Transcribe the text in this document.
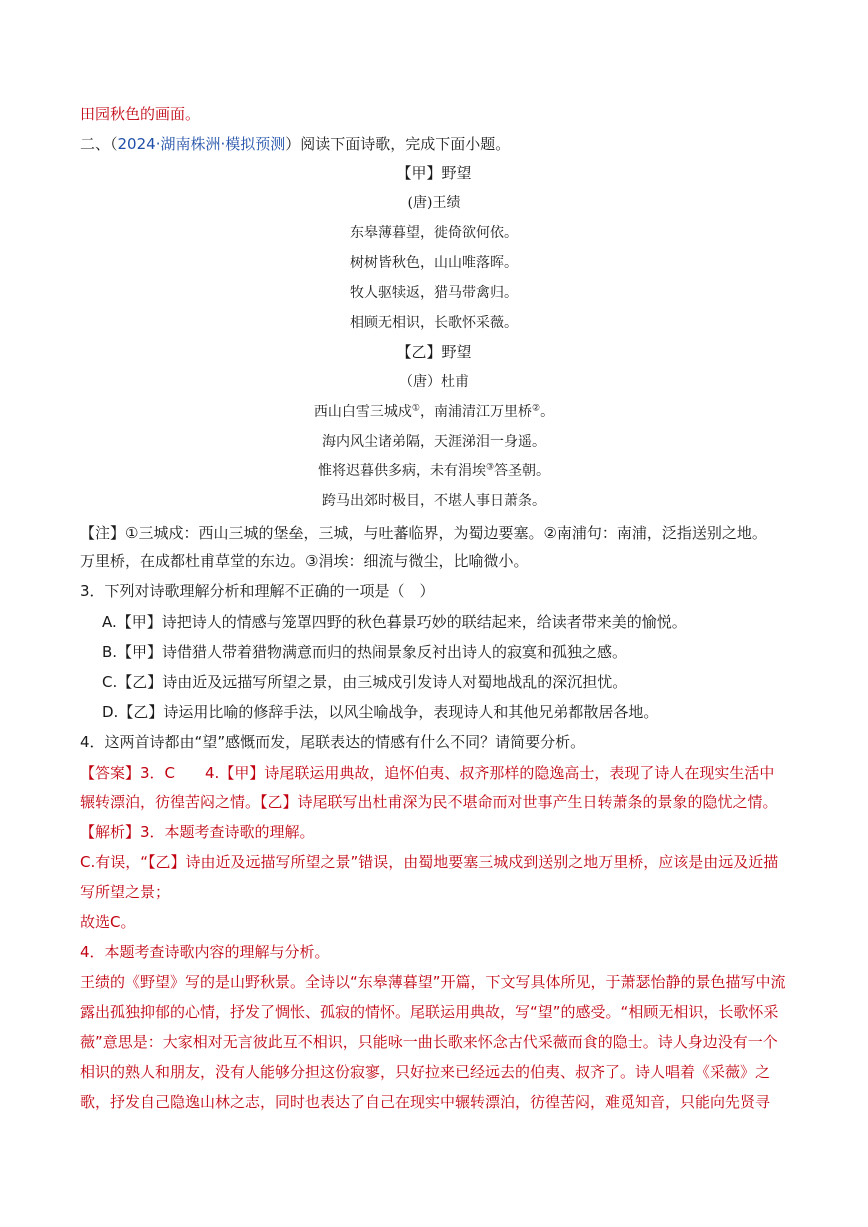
田园秋色的画面。
二、（2024·湖南株洲·模拟预测）阅读下面诗歌，完成下面小题。
【甲】野望
(唐)王绩
东皋薄暮望，徙倚欲何依。
树树皆秋色，山山唯落晖。
牧人驱犊返，猎马带禽归。
相顾无相识，长歌怀采薇。
【乙】野望
（唐）杜甫
西山白雪三城戍①，南浦清江万里桥②。
海内风尘诸弟隔，天涯涕泪一身遥。
惟将迟暮供多病，未有涓埃③答圣朝。
跨马出郊时极目，不堪人事日萧条。
【注】①三城戍：西山三城的堡垒，三城，与吐蕃临界，为蜀边要塞。②南浦句：南浦，泛指送别之地。
万里桥，在成都杜甫草堂的东边。③涓埃：细流与微尘，比喻微小。
3．下列对诗歌理解分析和理解不正确的一项是（　）
A.【甲】诗把诗人的情感与笼罩四野的秋色暮景巧妙的联结起来，给读者带来美的愉悦。
B.【甲】诗借猎人带着猎物满意而归的热闹景象反衬出诗人的寂寞和孤独之感。
C.【乙】诗由近及远描写所望之景，由三城戍引发诗人对蜀地战乱的深沉担忧。
D.【乙】诗运用比喻的修辞手法，以风尘喻战争，表现诗人和其他兄弟都散居各地。
4．这两首诗都由“望”感慨而发，尾联表达的情感有什么不同？请简要分析。
【答案】3．C　　4.【甲】诗尾联运用典故，追怀伯夷、叔齐那样的隐逸高士，表现了诗人在现实生活中
辗转漂泊，彷徨苦闷之情。【乙】诗尾联写出杜甫深为民不堪命而对世事产生日转萧条的景象的隐忧之情。
【解析】3．本题考查诗歌的理解。
C.有误，“【乙】诗由近及远描写所望之景”错误，由蜀地要塞三城戍到送别之地万里桥，应该是由远及近描
写所望之景；
故选C。
4．本题考查诗歌内容的理解与分析。
王绩的《野望》写的是山野秋景。全诗以“东皋薄暮望”开篇，下文写具体所见，于萧瑟怡静的景色描写中流
露出孤独抑郁的心情，抒发了惆怅、孤寂的情怀。尾联运用典故，写“望”的感受。“相顾无相识，长歌怀采
薇”意思是：大家相对无言彼此互不相识，只能咏一曲长歌来怀念古代采薇而食的隐士。诗人身边没有一个
相识的熟人和朋友，没有人能够分担这份寂寥，只好拉来已经远去的伯夷、叔齐了。诗人唱着《采薇》之
歌，抒发自己隐逸山林之志，同时也表达了自己在现实中辗转漂泊，彷徨苦闷，难觅知音，只能向先贤寻
